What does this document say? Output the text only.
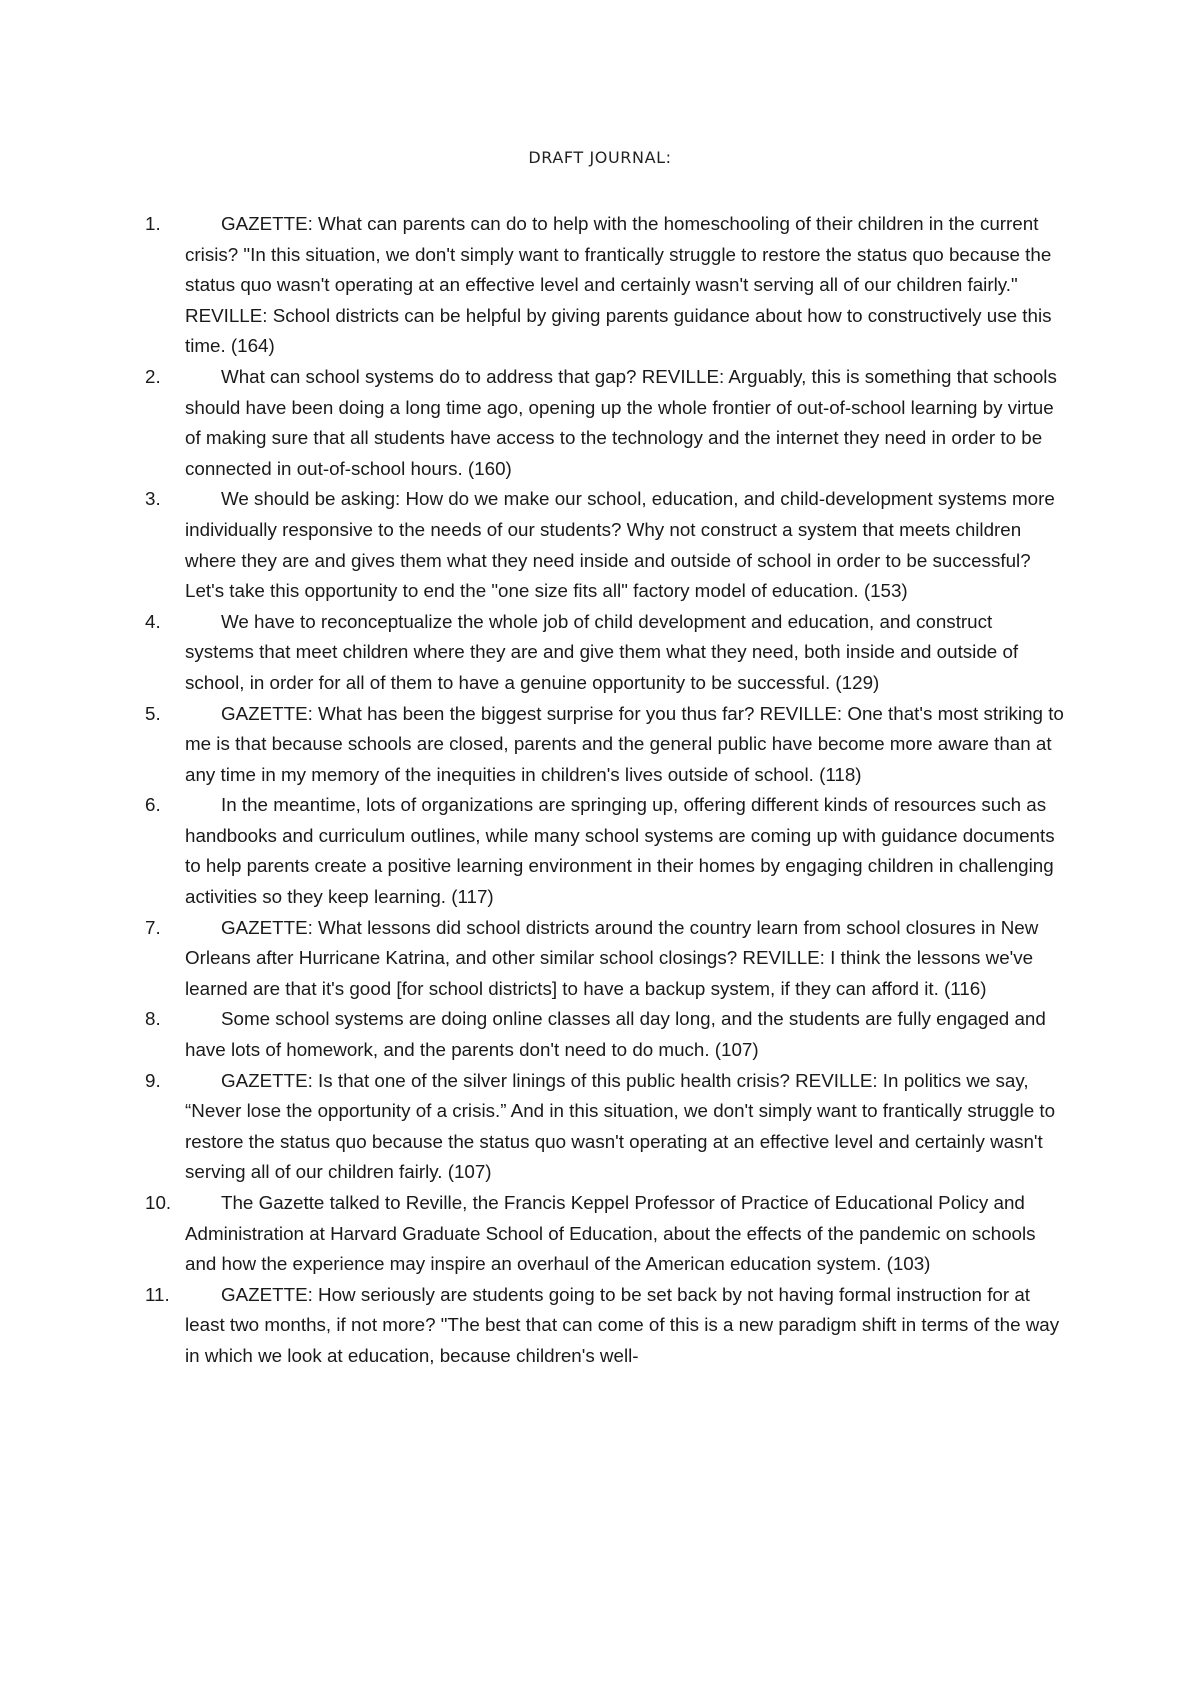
DRAFT JOURNAL:
1.	GAZETTE: What can parents can do to help with the homeschooling of their children in the current crisis? "In this situation, we don't simply want to frantically struggle to restore the status quo because the status quo wasn't operating at an effective level and certainly wasn't serving all of our children fairly." REVILLE: School districts can be helpful by giving parents guidance about how to constructively use this time. (164)
2.	What can school systems do to address that gap? REVILLE: Arguably, this is something that schools should have been doing a long time ago, opening up the whole frontier of out-of-school learning by virtue of making sure that all students have access to the technology and the internet they need in order to be connected in out-of-school hours. (160)
3.	We should be asking: How do we make our school, education, and child-development systems more individually responsive to the needs of our students? Why not construct a system that meets children where they are and gives them what they need inside and outside of school in order to be successful? Let's take this opportunity to end the "one size fits all" factory model of education. (153)
4.	We have to reconceptualize the whole job of child development and education, and construct systems that meet children where they are and give them what they need, both inside and outside of school, in order for all of them to have a genuine opportunity to be successful. (129)
5.	GAZETTE: What has been the biggest surprise for you thus far? REVILLE: One that's most striking to me is that because schools are closed, parents and the general public have become more aware than at any time in my memory of the inequities in children's lives outside of school. (118)
6.	In the meantime, lots of organizations are springing up, offering different kinds of resources such as handbooks and curriculum outlines, while many school systems are coming up with guidance documents to help parents create a positive learning environment in their homes by engaging children in challenging activities so they keep learning. (117)
7.	GAZETTE: What lessons did school districts around the country learn from school closures in New Orleans after Hurricane Katrina, and other similar school closings? REVILLE: I think the lessons we've learned are that it's good [for school districts] to have a backup system, if they can afford it. (116)
8.	Some school systems are doing online classes all day long, and the students are fully engaged and have lots of homework, and the parents don't need to do much. (107)
9.	GAZETTE: Is that one of the silver linings of this public health crisis? REVILLE: In politics we say, “Never lose the opportunity of a crisis.” And in this situation, we don't simply want to frantically struggle to restore the status quo because the status quo wasn't operating at an effective level and certainly wasn't serving all of our children fairly. (107)
10.	The Gazette talked to Reville, the Francis Keppel Professor of Practice of Educational Policy and Administration at Harvard Graduate School of Education, about the effects of the pandemic on schools and how the experience may inspire an overhaul of the American education system. (103)
11.	GAZETTE: How seriously are students going to be set back by not having formal instruction for at least two months, if not more? "The best that can come of this is a new paradigm shift in terms of the way in which we look at education, because children's well-
